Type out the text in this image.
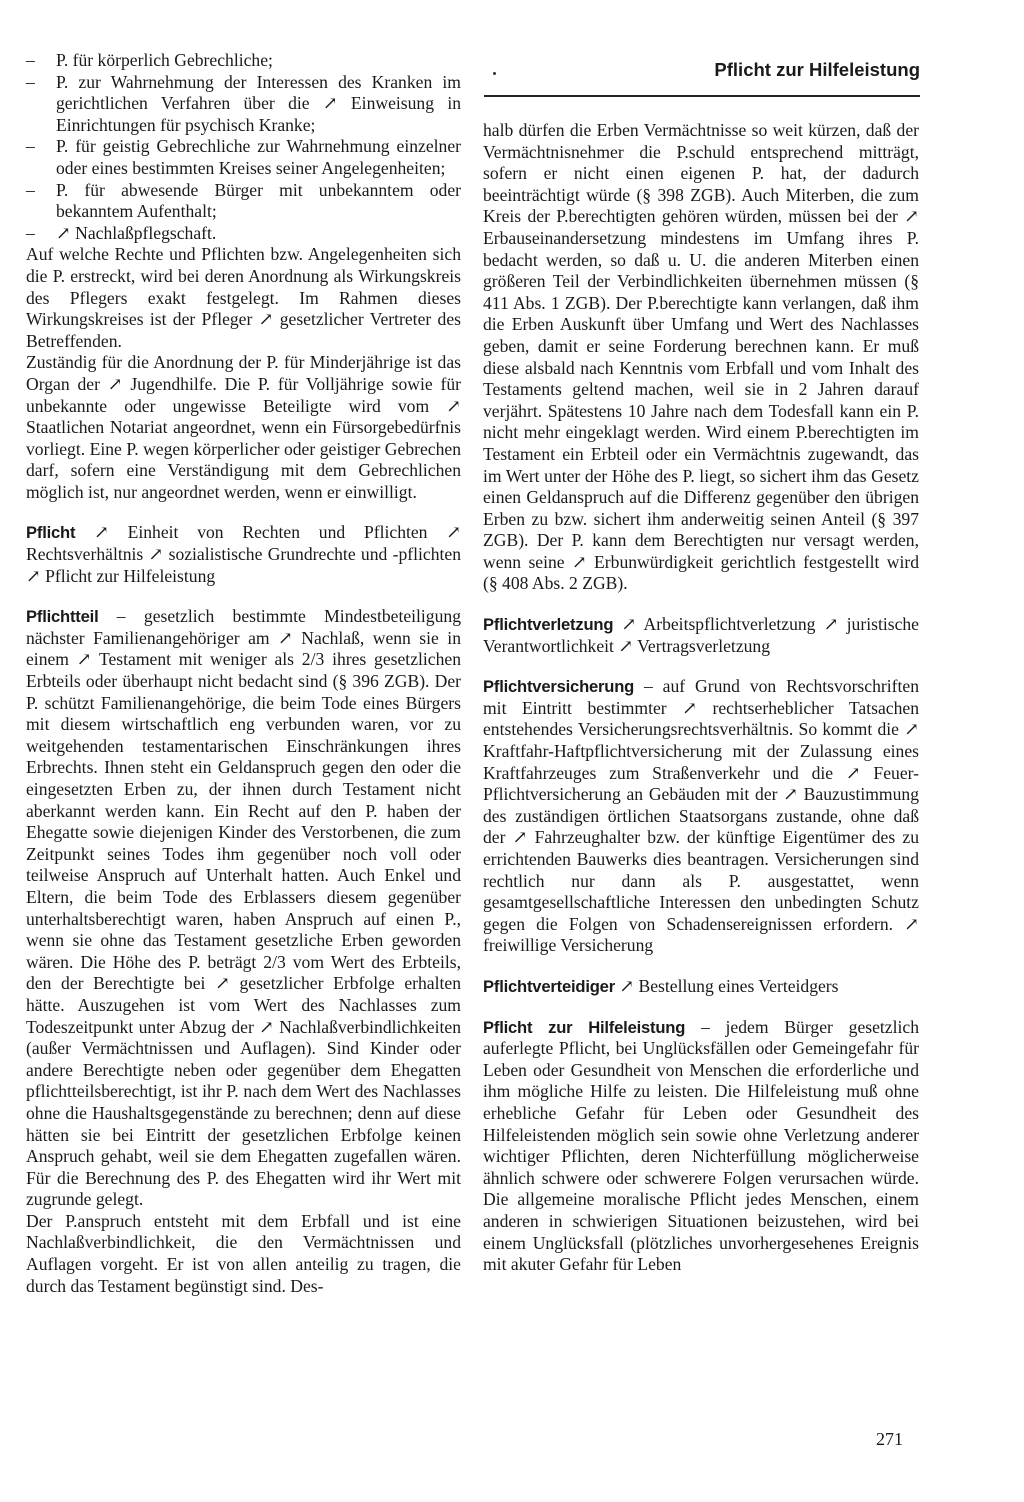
Pflicht zur Hilfeleistung

– P. für körperlich Gebrechliche;

– P. zur Wahrnehmung der Interessen des Kranken im gerichtlichen Verfahren über die ↗ Einweisung in Einrichtungen für psychisch Kranke;

– P. für geistig Gebrechliche zur Wahrnehmung einzelner oder eines bestimmten Kreises seiner Angelegenheiten;

– P. für abwesende Bürger mit unbekanntem oder bekanntem Aufenthalt;

– ↗ Nachlaßpflegschaft.

Auf welche Rechte und Pflichten bzw. Angelegenheiten sich die P. erstreckt, wird bei deren Anordnung als Wirkungskreis des Pflegers exakt festgelegt. Im Rahmen dieses Wirkungskreises ist der Pfleger ↗ gesetzlicher Vertreter des Betreffenden.

Zuständig für die Anordnung der P. für Minderjährige ist das Organ der ↗ Jugendhilfe. Die P. für Volljährige sowie für unbekannte oder ungewisse Beteiligte wird vom ↗ Staatlichen Notariat angeordnet, wenn ein Fürsorgebedürfnis vorliegt. Eine P. wegen körperlicher oder geistiger Gebrechen darf, sofern eine Verständigung mit dem Gebrechlichen möglich ist, nur angeordnet werden, wenn er einwilligt.

Pflicht ↗ Einheit von Rechten und Pflichten ↗ Rechtsverhältnis ↗ sozialistische Grundrechte und -pflichten ↗ Pflicht zur Hilfeleistung

Pflichtteil – gesetzlich bestimmte Mindestbeteiligung nächster Familienangehöriger am ↗ Nachlaß, wenn sie in einem ↗ Testament mit weniger als 2/3 ihres gesetzlichen Erbteils oder überhaupt nicht bedacht sind (§ 396 ZGB). Der P. schützt Familienangehörige, die beim Tode eines Bürgers mit diesem wirtschaftlich eng verbunden waren, vor zu weitgehenden testamentarischen Einschränkungen ihres Erbrechts. Ihnen steht ein Geldanspruch gegen den oder die eingesetzten Erben zu, der ihnen durch Testament nicht aberkannt werden kann. Ein Recht auf den P. haben der Ehegatte sowie diejenigen Kinder des Verstorbenen, die zum Zeitpunkt seines Todes ihm gegenüber noch voll oder teilweise Anspruch auf Unterhalt hatten. Auch Enkel und Eltern, die beim Tode des Erblassers diesem gegenüber unterhaltsberechtigt waren, haben Anspruch auf einen P., wenn sie ohne das Testament gesetzliche Erben geworden wären. Die Höhe des P. beträgt 2/3 vom Wert des Erbteils, den der Berechtigte bei ↗ gesetzlicher Erbfolge erhalten hätte. Auszugehen ist vom Wert des Nachlasses zum Todeszeitpunkt unter Abzug der ↗ Nachlaßverbindlichkeiten (außer Vermächtnissen und Auflagen). Sind Kinder oder andere Berechtigte neben oder gegenüber dem Ehegatten pflichtteilsberechtigt, ist ihr P. nach dem Wert des Nachlasses ohne die Haushaltsgegenstände zu berechnen; denn auf diese hätten sie bei Eintritt der gesetzlichen Erbfolge keinen Anspruch gehabt, weil sie dem Ehegatten zugefallen wären. Für die Berechnung des P. des Ehegatten wird ihr Wert mit zugrunde gelegt.

Der P.anspruch entsteht mit dem Erbfall und ist eine Nachlaßverbindlichkeit, die den Vermächtnissen und Auflagen vorgeht. Er ist von allen anteilig zu tragen, die durch das Testament begünstigt sind. Des-

halb dürfen die Erben Vermächtnisse so weit kürzen, daß der Vermächtnisnehmer die P.schuld entsprechend mitträgt, sofern er nicht einen eigenen P. hat, der dadurch beeinträchtigt würde (§ 398 ZGB). Auch Miterben, die zum Kreis der P.berechtigten gehören würden, müssen bei der ↗ Erbauseinandersetzung mindestens im Umfang ihres P. bedacht werden, so daß u. U. die anderen Miterben einen größeren Teil der Verbindlichkeiten übernehmen müssen (§ 411 Abs. 1 ZGB). Der P.berechtigte kann verlangen, daß ihm die Erben Auskunft über Umfang und Wert des Nachlasses geben, damit er seine Forderung berechnen kann. Er muß diese alsbald nach Kenntnis vom Erbfall und vom Inhalt des Testaments geltend machen, weil sie in 2 Jahren darauf verjährt. Spätestens 10 Jahre nach dem Todesfall kann ein P. nicht mehr eingeklagt werden. Wird einem P.berechtigten im Testament ein Erbteil oder ein Vermächtnis zugewandt, das im Wert unter der Höhe des P. liegt, so sichert ihm das Gesetz einen Geldanspruch auf die Differenz gegenüber den übrigen Erben zu bzw. sichert ihm anderweitig seinen Anteil (§ 397 ZGB). Der P. kann dem Berechtigten nur versagt werden, wenn seine ↗ Erbunwürdigkeit gerichtlich festgestellt wird (§ 408 Abs. 2 ZGB).

Pflichtverletzung ↗ Arbeitspflichtverletzung ↗ juristische Verantwortlichkeit ↗ Vertragsverletzung

Pflichtversicherung – auf Grund von Rechtsvorschriften mit Eintritt bestimmter ↗ rechtserheblicher Tatsachen entstehendes Versicherungsrechtsverhältnis. So kommt die ↗ Kraftfahr-Haftpflichtversicherung mit der Zulassung eines Kraftfahrzeuges zum Straßenverkehr und die ↗ Feuer-Pflichtversicherung an Gebäuden mit der ↗ Bauzustimmung des zuständigen örtlichen Staatsorgans zustande, ohne daß der ↗ Fahrzeughalter bzw. der künftige Eigentümer des zu errichtenden Bauwerks dies beantragen. Versicherungen sind rechtlich nur dann als P. ausgestattet, wenn gesamtgesellschaftliche Interessen den unbedingten Schutz gegen die Folgen von Schadensereignissen erfordern. ↗ freiwillige Versicherung

Pflichtverteidiger ↗ Bestellung eines Verteidgers

Pflicht zur Hilfeleistung – jedem Bürger gesetzlich auferlegte Pflicht, bei Unglücksfällen oder Gemeingefahr für Leben oder Gesundheit von Menschen die erforderliche und ihm mögliche Hilfe zu leisten. Die Hilfeleistung muß ohne erhebliche Gefahr für Leben oder Gesundheit des Hilfeleistenden möglich sein sowie ohne Verletzung anderer wichtiger Pflichten, deren Nichterfüllung möglicherweise ähnlich schwere oder schwerere Folgen verursachen würde. Die allgemeine moralische Pflicht jedes Menschen, einem anderen in schwierigen Situationen beizustehen, wird bei einem Unglücksfall (plötzliches unvorhergesehenes Ereignis mit akuter Gefahr für Leben

271
